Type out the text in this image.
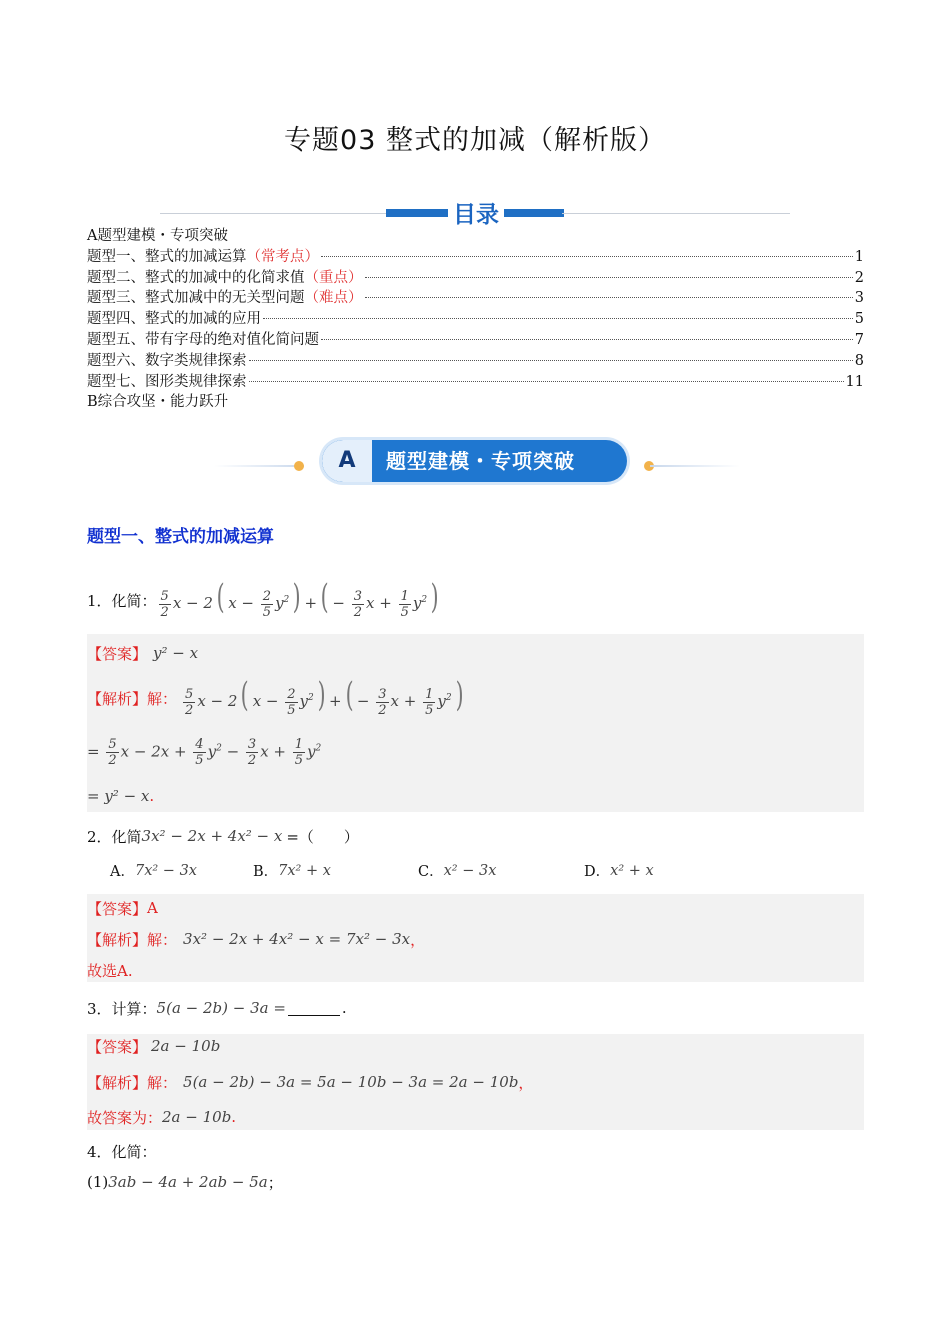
专题03 整式的加减（解析版）
目录
A题型建模・专项突破
题型一、整式的加减运算 （常考点）	1
题型二、整式的加减中的化简求值 （重点）	2
题型三、整式加减中的无关型问题 （难点）	3
题型四、整式的加减的应用	5
题型五、带有字母的绝对值化简问题	7
题型六、数字类规律探索	8
题型七、图形类规律探索	11
B综合攻坚・能力跃升
A	题型建模・专项突破
题型一、整式的加减运算
1．化简： $\frac{5}{2}$ x − 2 ( $x - \frac{2}{5} y^2$ ) + ( − $\frac{3}{2}$ $x + \frac{1}{5} y^2$ )
【答案】 y² − x
【解析】 解： $\frac{5}{2}$ x − 2 ( $x - \frac{2}{5} y^2$ ) + ( − $\frac{3}{2}$ $x + \frac{1}{5} y^2$ )
= $\frac{5}{2}$ $x - 2x + \frac{4}{5} y^2 - \frac{3}{2}$ $x + \frac{1}{5} y^2$
= y² − x .
2．化简 3x² − 2x + 4x² − x =（　　）
A． 7x² − 3x	B． 7x² + x	C． x² − 3x	D． x² + x
【答案】 A
【解析】 解： 3x² − 2x + 4x² − x = 7x² − 3x ，
故选A.
3．计算： 5(a − 2b) − 3a =	.
【答案】 2a − 10b
【解析】 解： 5(a − 2b) − 3a = 5a − 10b − 3a = 2a − 10b ，
故答案为： 2a − 10b .
4．化简：
(1) 3ab − 4a + 2ab − 5a ；
